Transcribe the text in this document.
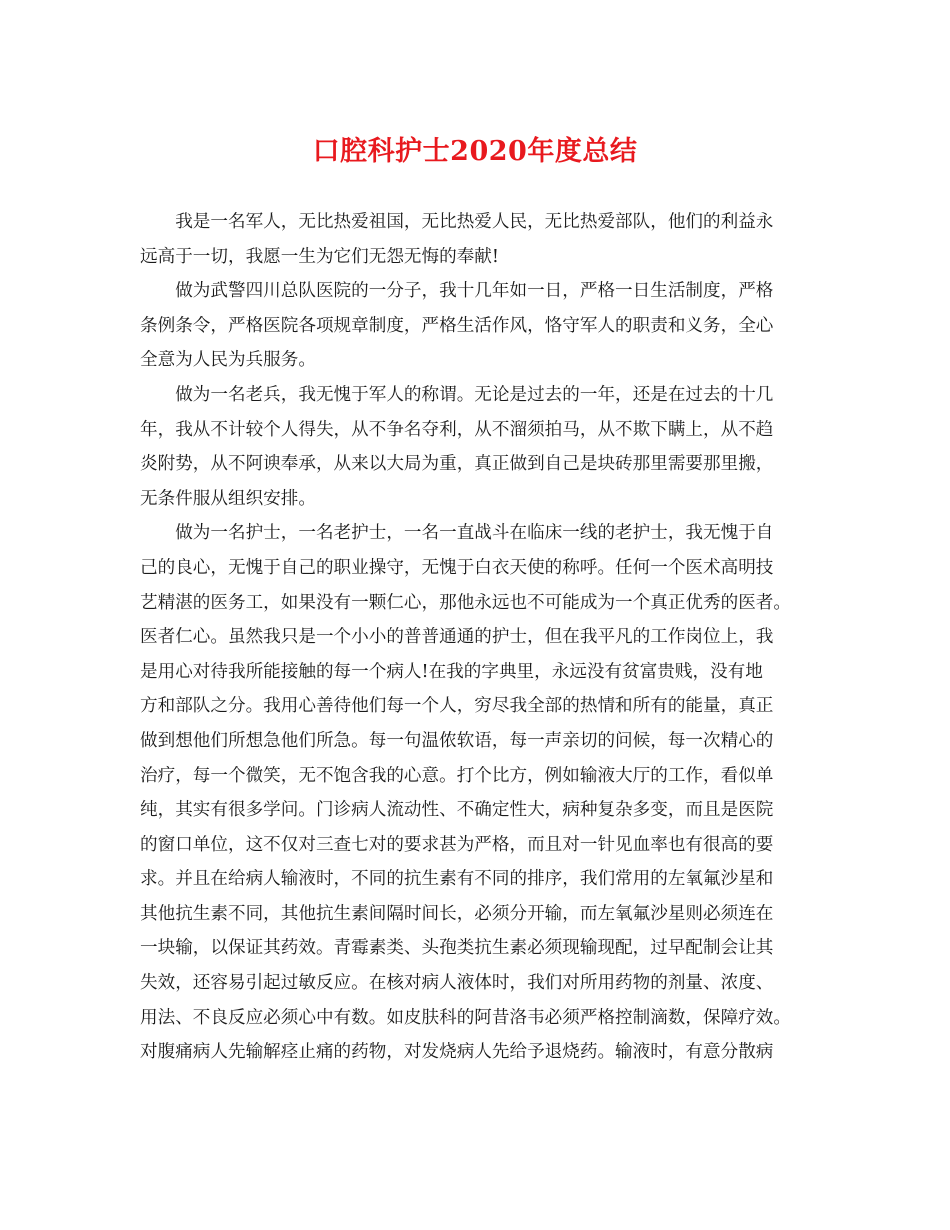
口腔科护士2020年度总结
　　我是一名军人，无比热爱祖国，无比热爱人民，无比热爱部队，他们的利益永
远高于一切，我愿一生为它们无怨无悔的奉献!
　　做为武警四川总队医院的一分子，我十几年如一日，严格一日生活制度，严格
条例条令，严格医院各项规章制度，严格生活作风，恪守军人的职责和义务，全心
全意为人民为兵服务。
　　做为一名老兵，我无愧于军人的称谓。无论是过去的一年，还是在过去的十几
年，我从不计较个人得失，从不争名夺利，从不溜须拍马，从不欺下瞒上，从不趋
炎附势，从不阿谀奉承，从来以大局为重，真正做到自己是块砖那里需要那里搬，
无条件服从组织安排。
　　做为一名护士，一名老护士，一名一直战斗在临床一线的老护士，我无愧于自
己的良心，无愧于自己的职业操守，无愧于白衣天使的称呼。任何一个医术高明技
艺精湛的医务工，如果没有一颗仁心，那他永远也不可能成为一个真正优秀的医者。
医者仁心。虽然我只是一个小小的普普通通的护士，但在我平凡的工作岗位上，我
是用心对待我所能接触的每一个病人!在我的字典里，永远没有贫富贵贱，没有地
方和部队之分。我用心善待他们每一个人，穷尽我全部的热情和所有的能量，真正
做到想他们所想急他们所急。每一句温侬软语，每一声亲切的问候，每一次精心的
治疗，每一个微笑，无不饱含我的心意。打个比方，例如输液大厅的工作，看似单
纯，其实有很多学问。门诊病人流动性、不确定性大，病种复杂多变，而且是医院
的窗口单位，这不仅对三查七对的要求甚为严格，而且对一针见血率也有很高的要
求。并且在给病人输液时，不同的抗生素有不同的排序，我们常用的左氧氟沙星和
其他抗生素不同，其他抗生素间隔时间长，必须分开输，而左氧氟沙星则必须连在
一块输，以保证其药效。青霉素类、头孢类抗生素必须现输现配，过早配制会让其
失效，还容易引起过敏反应。在核对病人液体时，我们对所用药物的剂量、浓度、
用法、不良反应必须心中有数。如皮肤科的阿昔洛韦必须严格控制滴数，保障疗效。
对腹痛病人先输解痉止痛的药物，对发烧病人先给予退烧药。输液时，有意分散病
